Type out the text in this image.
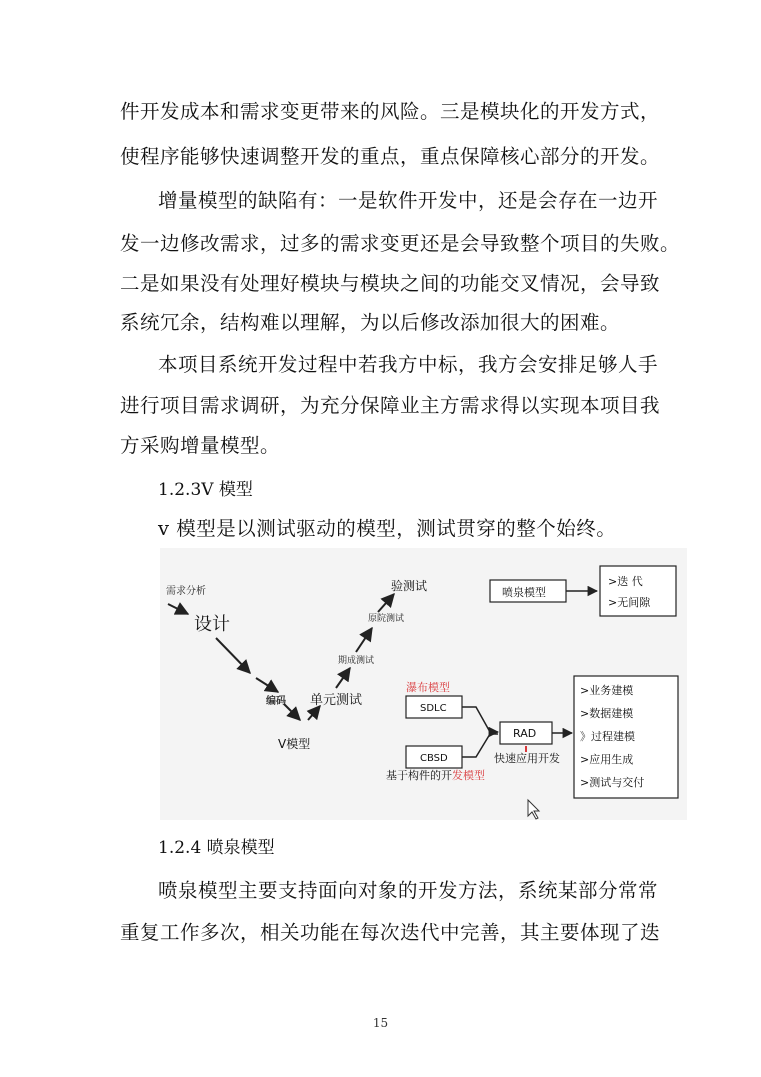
件开发成本和需求变更带来的风险。三是模块化的开发方式，
使程序能够快速调整开发的重点，重点保障核心部分的开发。
增量模型的缺陷有：一是软件开发中，还是会存在一边开
发一边修改需求，过多的需求变更还是会导致整个项目的失败。
二是如果没有处理好模块与模块之间的功能交叉情况，会导致
系统冗余，结构难以理解，为以后修改添加很大的困难。
本项目系统开发过程中若我方中标，我方会安排足够人手
进行项目需求调研，为充分保障业主方需求得以实现本项目我
方采购增量模型。
1.2.3V 模型
v 模型是以测试驱动的模型，测试贯穿的整个始终。
需求分析
设计
编码 单元测试
期成测试
原院测试
验测试
V模型
喷泉模型
>迭 代
>无间隙
瀑布模型
SDLC
CBSD
RAD
快速应用开发
基于构件的开发模型
>业务建模
>数据建模
》过程建模
>应用生成
>测试与交付
1.2.4 喷泉模型
喷泉模型主要支持面向对象的开发方法，系统某部分常常
重复工作多次，相关功能在每次迭代中完善，其主要体现了迭
15
